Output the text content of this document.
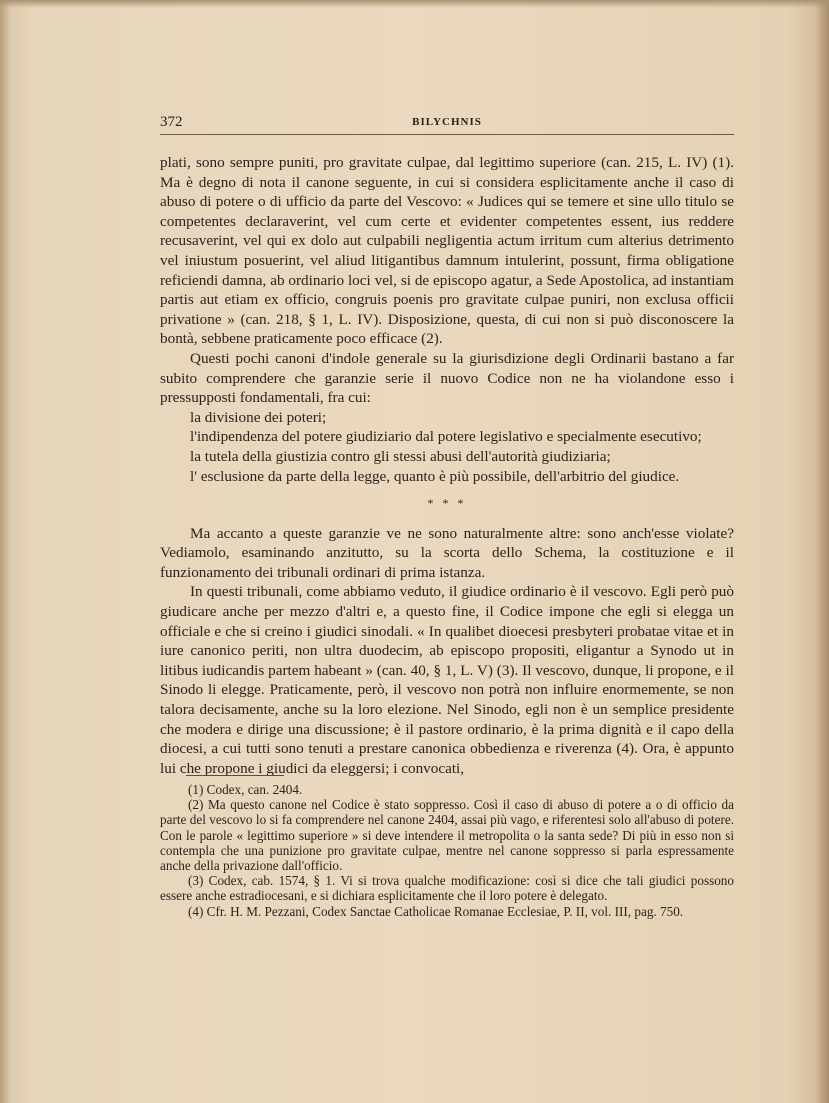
372	BILYCHNIS

plati, sono sempre puniti, pro gravitate culpae, dal legittimo superiore (can. 215, L. IV) (1). Ma è degno di nota il canone seguente, in cui si considera esplicitamente anche il caso di abuso di potere o di ufficio da parte del Vescovo: « Judices qui se temere et sine ullo titulo se competentes declaraverint, vel cum certe et evidenter competentes essent, ius reddere recusaverint, vel qui ex dolo aut culpabili negligentia actum irritum cum alterius detrimento vel iniustum posuerint, vel aliud litigantibus damnum intulerint, possunt, firma obligatione reficiendi damna, ab ordinario loci vel, si de episcopo agatur, a Sede Apostolica, ad instantiam partis aut etiam ex officio, congruis poenis pro gravitate culpae puniri, non exclusa officii privatione » (can. 218, § 1, L. IV). Disposizione, questa, di cui non si può disconoscere la bontà, sebbene praticamente poco efficace (2).

Questi pochi canoni d'indole generale su la giurisdizione degli Ordinarii bastano a far subito comprendere che garanzie serie il nuovo Codice non ne ha violandone esso i pressupposti fondamentali, fra cui:

la divisione dei poteri;

l'indipendenza del potere giudiziario dal potere legislativo e specialmente esecutivo;

la tutela della giustizia contro gli stessi abusi dell'autorità giudiziaria;

l' esclusione da parte della legge, quanto è più possibile, dell'arbitrio del giudice.

* * *

Ma accanto a queste garanzie ve ne sono naturalmente altre: sono anch'esse violate? Vediamolo, esaminando anzitutto, su la scorta dello Schema, la costituzione e il funzionamento dei tribunali ordinari di prima istanza.

In questi tribunali, come abbiamo veduto, il giudice ordinario è il vescovo. Egli però può giudicare anche per mezzo d'altri e, a questo fine, il Codice impone che egli si elegga un officiale e che si creino i giudici sinodali. « In qualibet dioecesi presbyteri probatae vitae et in iure canonico periti, non ultra duodecim, ab episcopo propositi, eligantur a Synodo ut in litibus iudicandis partem habeant » (can. 40, § 1, L. V) (3). Il vescovo, dunque, li propone, e il Sinodo li elegge. Praticamente, però, il vescovo non potrà non influire enormemente, se non talora decisamente, anche su la loro elezione. Nel Sinodo, egli non è un semplice presidente che modera e dirige una discussione; è il pastore ordinario, è la prima dignità e il capo della diocesi, a cui tutti sono tenuti a prestare canonica obbedienza e riverenza (4). Ora, è appunto lui che propone i giudici da eleggersi; i convocati,

(1) Codex, can. 2404.

(2) Ma questo canone nel Codice è stato soppresso. Così il caso di abuso di potere a o di officio da parte del vescovo lo si fa comprendere nel canone 2404, assai più vago, e riferentesi solo all'abuso di potere. Con le parole « legittimo superiore » si deve intendere il metropolita o la santa sede? Di più in esso non si contempla che una punizione pro gravitate culpae, mentre nel canone soppresso si parla espressamente anche della privazione dall'officio.

(3) Codex, cab. 1574, § 1. Vi si trova qualche modificazione: così si dice che tali giudici possono essere anche estradiocesani, e si dichiara esplicitamente che il loro potere è delegato.

(4) Cfr. H. M. Pezzani, Codex Sanctae Catholicae Romanae Ecclesiae, P. II, vol. III, pag. 750.
